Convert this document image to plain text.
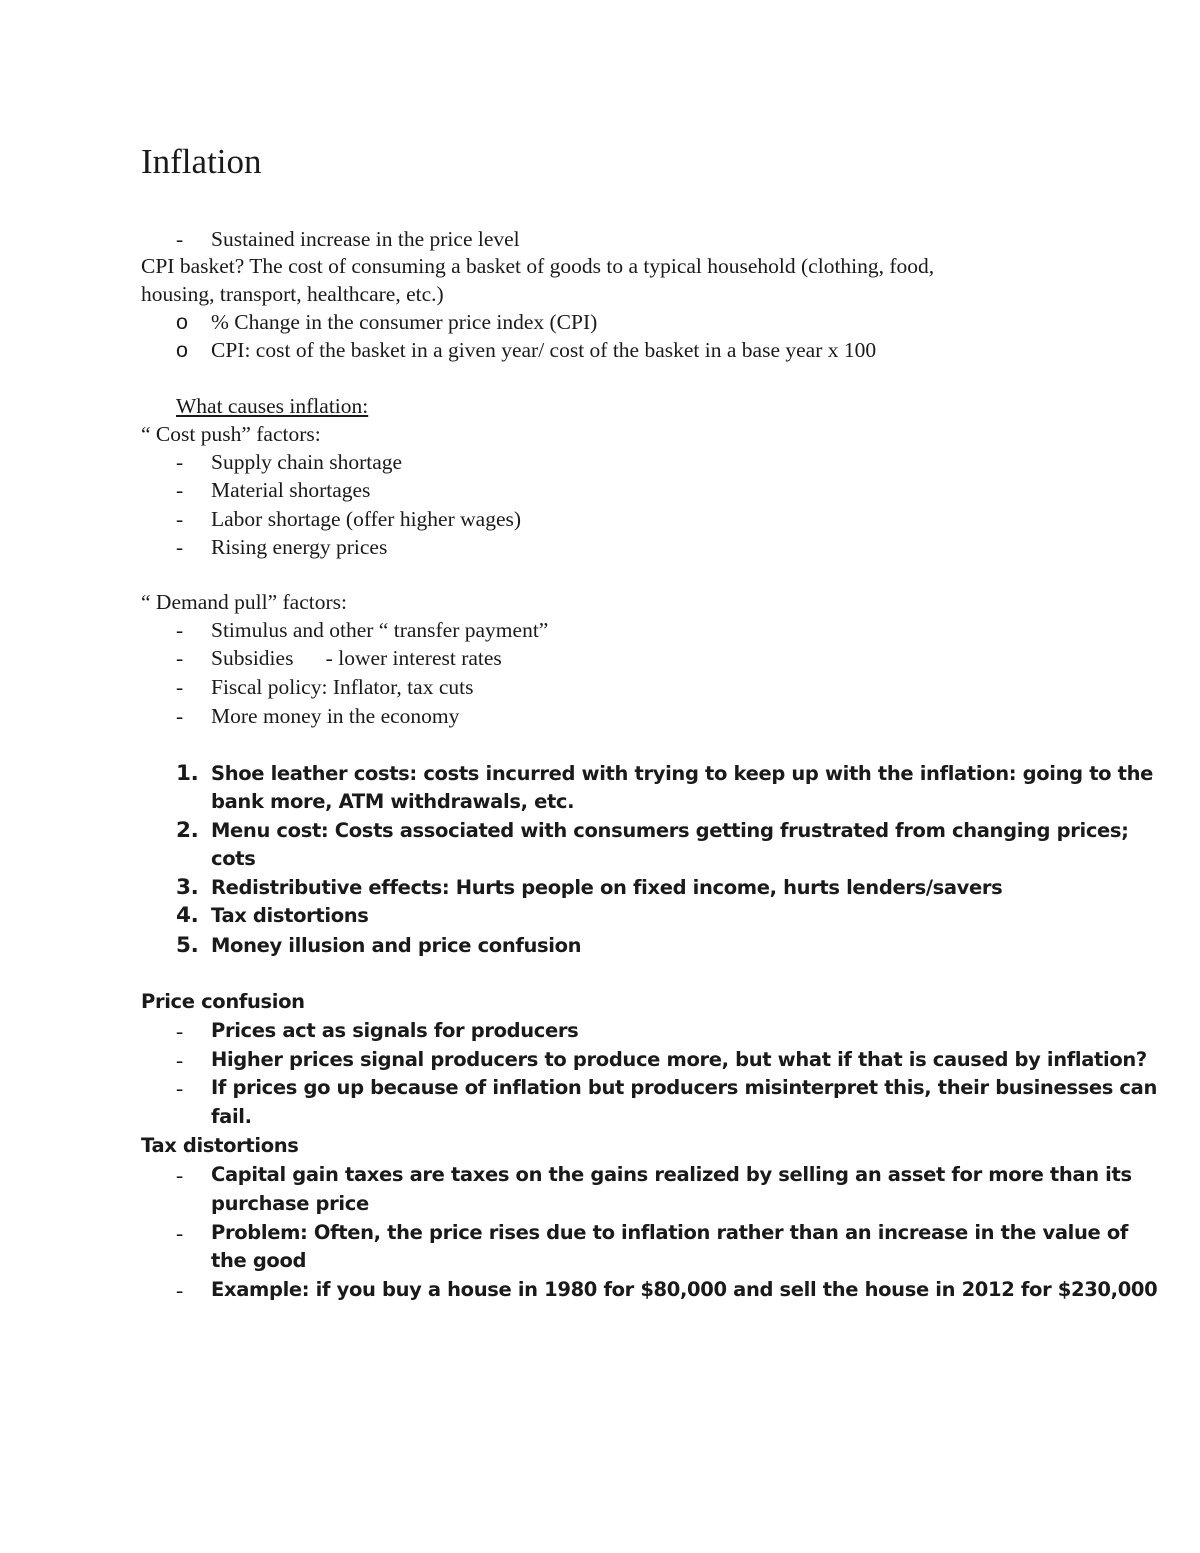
Inflation
- Sustained increase in the price level
CPI basket? The cost of consuming a basket of goods to a typical household (clothing, food,
housing, transport, healthcare, etc.)
o % Change in the consumer price index (CPI)
o CPI: cost of the basket in a given year/ cost of the basket in a base year x 100
What causes inflation:
“ Cost push” factors:
- Supply chain shortage
- Material shortages
- Labor shortage (offer higher wages)
- Rising energy prices
“ Demand pull” factors:
- Stimulus and other “ transfer payment”
- Subsidies      - lower interest rates
- Fiscal policy: Inflator, tax cuts
- More money in the economy
1. Shoe leather costs: costs incurred with trying to keep up with the inflation: going to the
bank more, ATM withdrawals, etc.
2. Menu cost: Costs associated with consumers getting frustrated from changing prices;
cots
3. Redistributive effects: Hurts people on fixed income, hurts lenders/savers
4. Tax distortions
5. Money illusion and price confusion
Price confusion
- Prices act as signals for producers
- Higher prices signal producers to produce more, but what if that is caused by inflation?
- If prices go up because of inflation but producers misinterpret this, their businesses can
fail.
Tax distortions
- Capital gain taxes are taxes on the gains realized by selling an asset for more than its
purchase price
- Problem: Often, the price rises due to inflation rather than an increase in the value of
the good
- Example: if you buy a house in 1980 for $80,000 and sell the house in 2012 for $230,000
